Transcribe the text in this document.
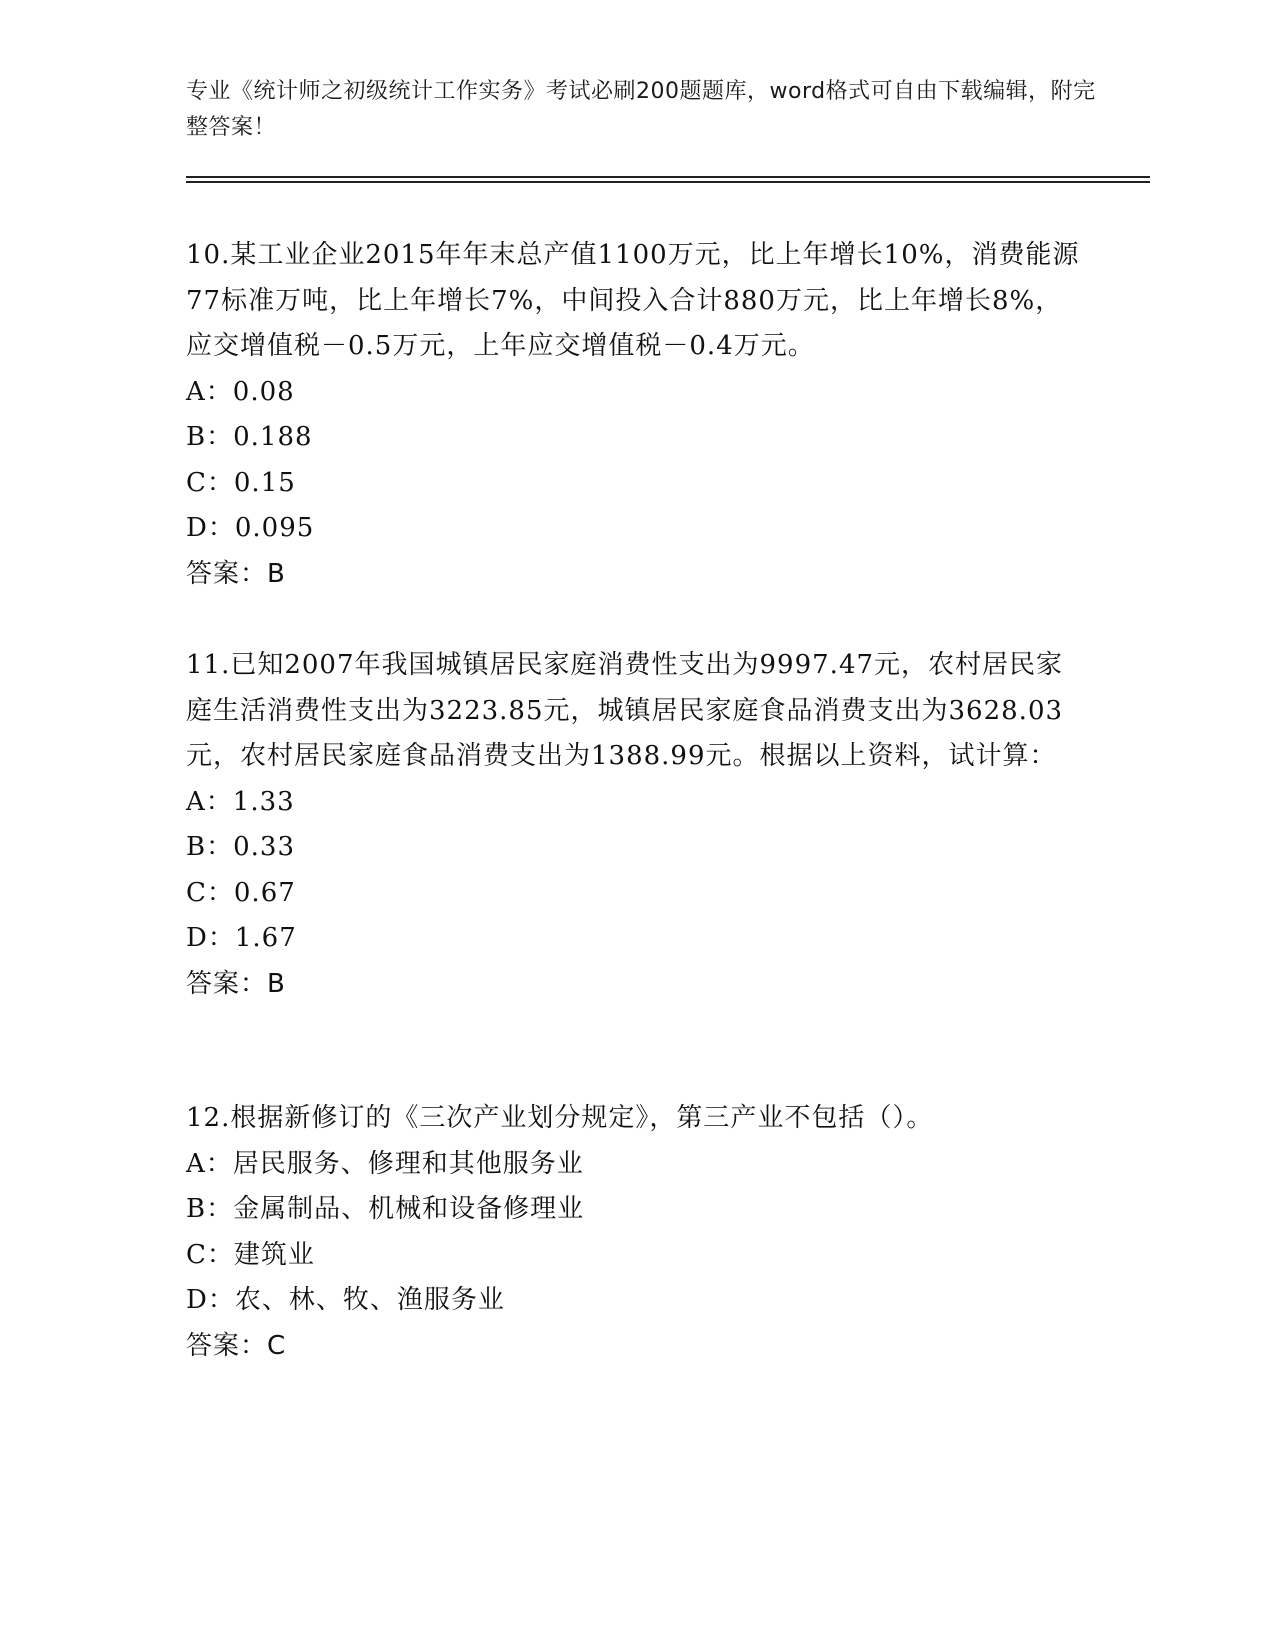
专业《统计师之初级统计工作实务》考试必刷200题题库，word格式可自由下载编辑，附完整答案！
10.某工业企业2015年年末总产值1100万元，比上年增长10%，消费能源77标准万吨，比上年增长7%，中间投入合计880万元，比上年增长8%，应交增值税－0.5万元，上年应交增值税－0.4万元。
A：0.08
B：0.188
C：0.15
D：0.095
答案：B
11.已知2007年我国城镇居民家庭消费性支出为9997.47元，农村居民家庭生活消费性支出为3223.85元，城镇居民家庭食品消费支出为3628.03元，农村居民家庭食品消费支出为1388.99元。根据以上资料，试计算：
A：1.33
B：0.33
C：0.67
D：1.67
答案：B
12.根据新修订的《三次产业划分规定》，第三产业不包括（）。
A：居民服务、修理和其他服务业
B：金属制品、机械和设备修理业
C：建筑业
D：农、林、牧、渔服务业
答案：C
